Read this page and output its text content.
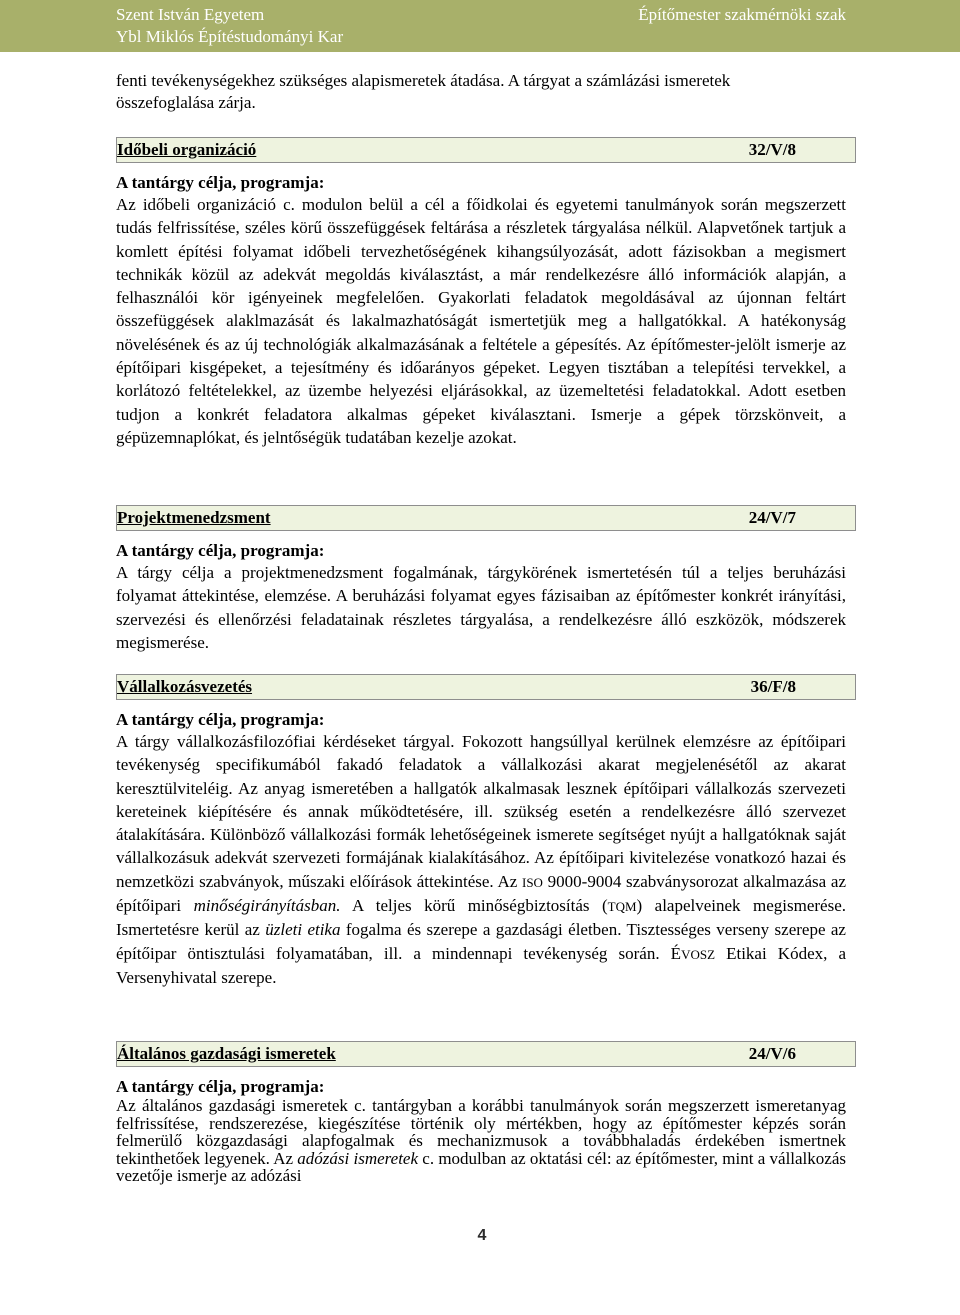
Szent István Egyetem
Ybl Miklós Építéstudományi Kar
Építőmester szakmérnöki szak

fenti tevékenységekhez szükséges alapismeretek átadása. A tárgyat a számlázási ismeretek

összefoglalása zárja.

Időbeli organizáció	32/V/8
A tantárgy célja, programja:

Az időbeli organizáció c. modulon belül a cél a főidkolai és egyetemi tanulmányok során megszerzett tudás felfrissítése, széles körű összefüggések feltárása a részletek tárgyalása nélkül. Alapvetőnek tartjuk a komlett építési folyamat időbeli tervezhetőségének kihangsúlyozását, adott fázisokban a megismert technikák közül az adekvát megoldás kiválasztást, a már rendelkezésre álló információk alapján, a felhasználói kör igényeinek megfelelően. Gyakorlati feladatok megoldásával az újonnan feltárt összefüggések alaklmazását és lakalmazhatóságát ismertetjük meg a hallgatókkal. A hatékonyság növelésének és az új technológiák alkalmazásának a feltétele a gépesítés. Az építőmester-jelölt ismerje az építőipari kisgépeket, a tejesítmény és időarányos gépeket. Legyen tisztában a telepítési tervekkel, a korlátozó feltételekkel, az üzembe helyezési eljárásokkal, az üzemeltetési feladatokkal. Adott esetben tudjon a konkrét feladatora alkalmas gépeket kiválasztani. Ismerje a gépek törzskönveit, a gépüzemnaplókat, és jelntőségük tudatában kezelje azokat.

Projektmenedzsment	24/V/7
A tantárgy célja, programja:

A tárgy célja a projektmenedzsment fogalmának, tárgykörének ismertetésén túl a teljes beruházási folyamat áttekintése, elemzése. A beruházási folyamat egyes fázisaiban az építőmester konkrét irányítási, szervezési és ellenőrzési feladatainak részletes tárgyalása, a rendelkezésre álló eszközök, módszerek megismerése.

Vállalkozásvezetés	36/F/8
A tantárgy célja, programja:

A tárgy vállalkozásfilozófiai kérdéseket tárgyal. Fokozott hangsúllyal kerülnek elemzésre az építőipari tevékenység specifikumából fakadó feladatok a vállalkozási akarat megjelenésétől az akarat keresztülviteléig. Az anyag ismeretében a hallgatók alkalmasak lesznek építőipari vállalkozás szervezeti kereteinek kiépítésére és annak működtetésére, ill. szükség esetén a rendelkezésre álló szervezet átalakítására. Különböző vállalkozási formák lehetőségeinek ismerete segítséget nyújt a hallgatóknak saját vállalkozásuk adekvát szervezeti formájának kialakításához. Az építőipari kivitelezése vonatkozó hazai és nemzetközi szabványok, műszaki előírások áttekintése. Az ISO 9000-9004 szabványsorozat alkalmazása az építőipari minőségirányításban. A teljes körű minőségbiztosítás (TQM) alapelveinek megismerése. Ismertetésre kerül az üzleti etika fogalma és szerepe a gazdasági életben. Tisztességes verseny szerepe az építőipar öntisztulási folyamatában, ill. a mindennapi tevékenység során. ÉVOSZ Etikai Kódex, a Versenyhivatal szerepe.

Általános gazdasági ismeretek	24/V/6
A tantárgy célja, programja:

Az általános gazdasági ismeretek c. tantárgyban a korábbi tanulmányok során megszerzett ismeretanyag felfrissítése, rendszerezése, kiegészítése történik oly mértékben, hogy az építőmester képzés során felmerülő közgazdasági alapfogalmak és mechanizmusok a továbbhaladás érdekében ismertnek tekinthetőek legyenek. Az adózási ismeretek c. modulban az oktatási cél: az építőmester, mint a vállalkozás vezetője ismerje az adózási

4
